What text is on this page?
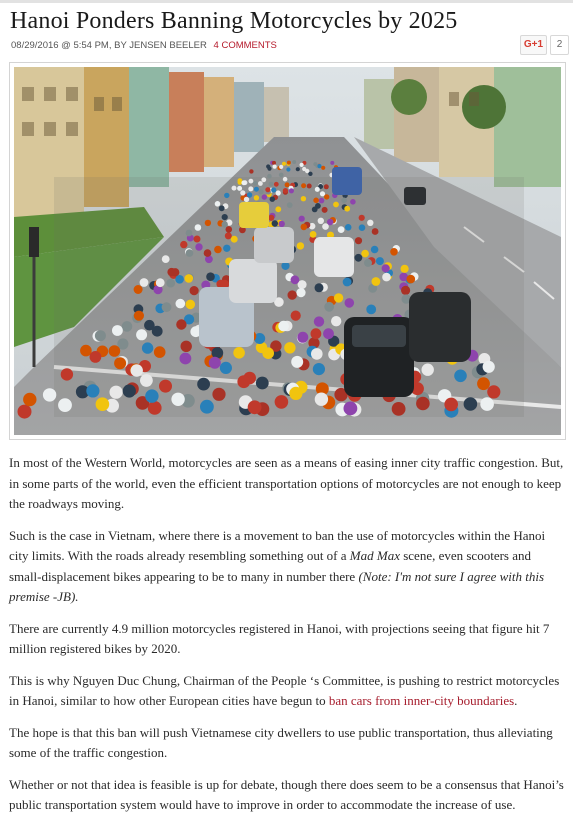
Hanoi Ponders Banning Motorcycles by 2025
08/29/2016 @ 5:54 PM, BY JENSEN BEELER 4 COMMENTS	G+1	2

In most of the Western World, motorcycles are seen as a means of easing inner city traffic congestion. But, in some parts of the world, even the efficient transportation options of motorcycles are not enough to keep the roadways moving.

Such is the case in Vietnam, where there is a movement to ban the use of motorcycles within the Hanoi city limits. With the roads already resembling something out of a Mad Max scene, even scooters and small-displacement bikes appearing to be to many in number there (Note: I'm not sure I agree with this premise -JB).

There are currently 4.9 million motorcycles registered in Hanoi, with projections seeing that figure hit 7 million registered bikes by 2020.

This is why Nguyen Duc Chung, Chairman of the People ‘s Committee, is pushing to restrict motorcycles in Hanoi, similar to how other European cities have begun to ban cars from inner-city boundaries.

The hope is that this ban will push Vietnamese city dwellers to use public transportation, thus alleviating some of the traffic congestion.

Whether or not that idea is feasible is up for debate, though there does seem to be a consensus that Hanoi’s public transportation system would have to improve in order to accommodate the increase of use.
